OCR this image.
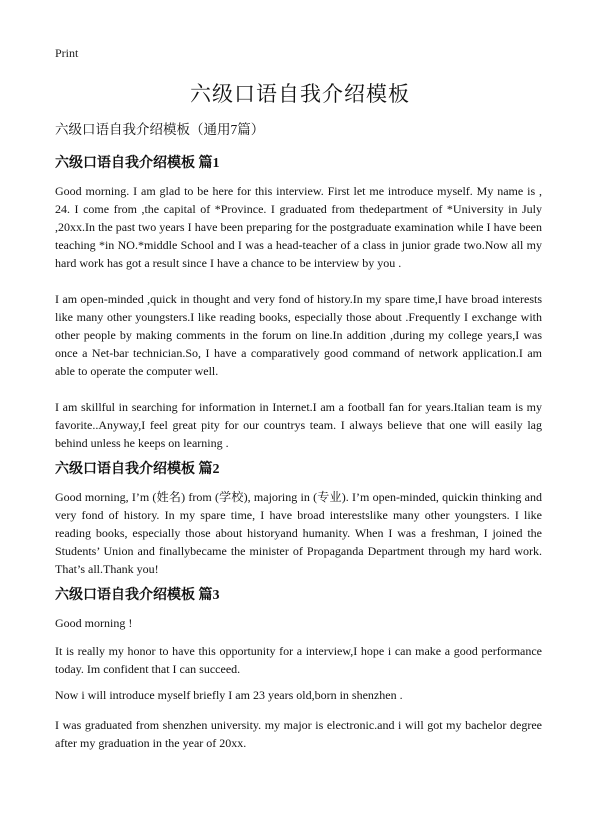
Print
六级口语自我介绍模板
六级口语自我介绍模板（通用7篇）
六级口语自我介绍模板 篇1
Good morning. I am glad to be here for this interview. First let me introduce myself. My name is , 24. I come from ,the capital of *Province. I graduated from thedepartment of *University in July ,20xx.In the past two years I have been preparing for the postgraduate examination while I have been teaching *in NO.*middle School and I was a head-teacher of a class in junior grade two.Now all my hard work has got a result since I have a chance to be interview by you .
I am open-minded ,quick in thought and very fond of history.In my spare time,I have broad interests like many other youngsters.I like reading books, especially those about .Frequently I exchange with other people by making comments in the forum on line.In addition ,during my college years,I was once a Net-bar technician.So, I have a comparatively good command of network application.I am able to operate the computer well.
I am skillful in searching for information in Internet.I am a football fan for years.Italian team is my favorite..Anyway,I feel great pity for our countrys team. I always believe that one will easily lag behind unless he keeps on learning .
六级口语自我介绍模板 篇2
Good morning, I’m (姓名) from (学校), majoring in (专业). I’m open-minded, quickin thinking and very fond of history. In my spare time, I have broad interestslike many other youngsters. I like reading books, especially those about historyand humanity. When I was a freshman, I joined the Students’ Union and finallybecame the minister of Propaganda Department through my hard work. That’s all.Thank you!
六级口语自我介绍模板 篇3
Good morning !
It is really my honor to have this opportunity for a interview,I hope i can make a good performance today. Im confident that I can succeed.
Now i will introduce myself briefly I am 23 years old,born in shenzhen .
I was graduated from shenzhen university. my major is electronic.and i will got my bachelor degree after my graduation in the year of 20xx.
